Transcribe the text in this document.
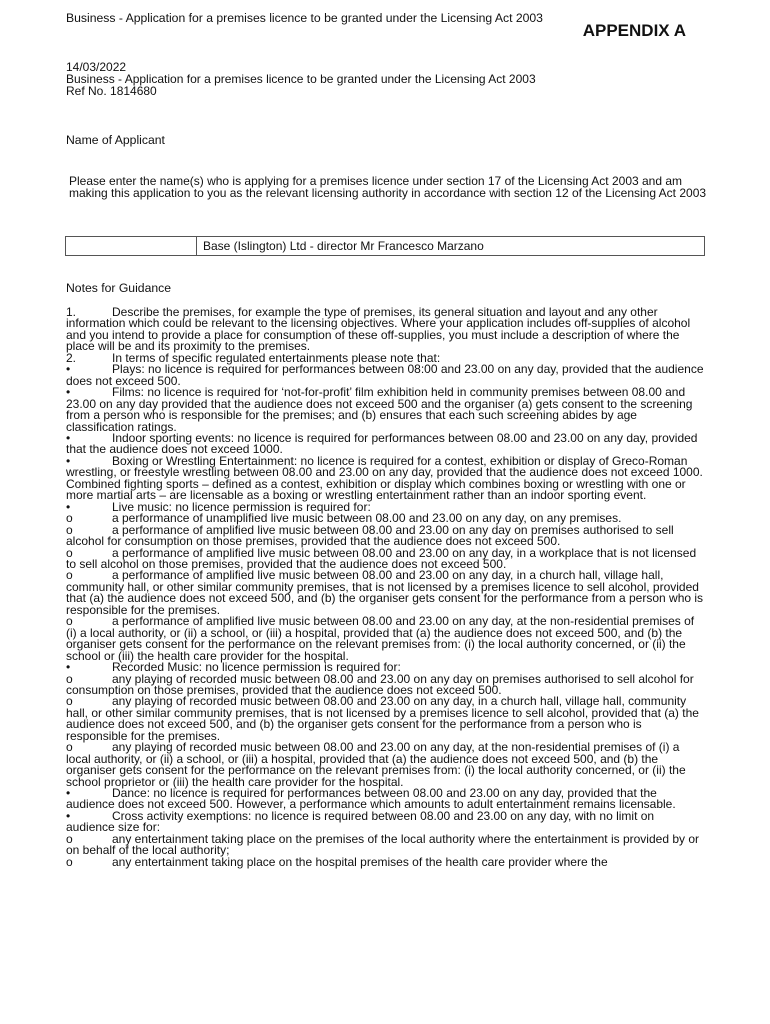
Business - Application for a premises licence to be granted under the Licensing Act 2003
APPENDIX A
14/03/2022
Business - Application for a premises licence to be granted under the Licensing Act 2003
Ref No. 1814680
Name of Applicant
Please enter the name(s) who is applying for a premises licence under section 17 of the Licensing Act 2003 and am making this application to you as the relevant licensing authority in accordance with section 12 of the Licensing Act 2003
Base (Islington) Ltd - director Mr Francesco Marzano
Notes for Guidance
1.	Describe the premises, for example the type of premises, its general situation and layout and any other information which could be relevant to the licensing objectives. Where your application includes off-supplies of alcohol and you intend to provide a place for consumption of these off-supplies, you must include a description of where the place will be and its proximity to the premises.
2.	In terms of specific regulated entertainments please note that:
•	Plays: no licence is required for performances between 08:00 and 23.00 on any day, provided that the audience does not exceed 500.
•	Films: no licence is required for ‘not-for-profit’ film exhibition held in community premises between 08.00 and 23.00 on any day provided that the audience does not exceed 500 and the organiser (a) gets consent to the screening from a person who is responsible for the premises; and (b) ensures that each such screening abides by age classification ratings.
•	Indoor sporting events: no licence is required for performances between 08.00 and 23.00 on any day, provided that the audience does not exceed 1000.
•	Boxing or Wrestling Entertainment: no licence is required for a contest, exhibition or display of Greco-Roman wrestling, or freestyle wrestling between 08.00 and 23.00 on any day, provided that the audience does not exceed 1000. Combined fighting sports – defined as a contest, exhibition or display which combines boxing or wrestling with one or more martial arts – are licensable as a boxing or wrestling entertainment rather than an indoor sporting event.
•	Live music: no licence permission is required for:
o	a performance of unamplified live music between 08.00 and 23.00 on any day, on any premises.
o	a performance of amplified live music between 08.00 and 23.00 on any day on premises authorised to sell alcohol for consumption on those premises, provided that the audience does not exceed 500.
o	a performance of amplified live music between 08.00 and 23.00 on any day, in a workplace that is not licensed to sell alcohol on those premises, provided that the audience does not exceed 500.
o	a performance of amplified live music between 08.00 and 23.00 on any day, in a church hall, village hall, community hall, or other similar community premises, that is not licensed by a premises licence to sell alcohol, provided that (a) the audience does not exceed 500, and (b) the organiser gets consent for the performance from a person who is responsible for the premises.
o	a performance of amplified live music between 08.00 and 23.00 on any day, at the non-residential premises of (i) a local authority, or (ii) a school, or (iii) a hospital, provided that (a) the audience does not exceed 500, and (b) the organiser gets consent for the performance on the relevant premises from: (i) the local authority concerned, or (ii) the school or (iii) the health care provider for the hospital.
•	Recorded Music: no licence permission is required for:
o	any playing of recorded music between 08.00 and 23.00 on any day on premises authorised to sell alcohol for consumption on those premises, provided that the audience does not exceed 500.
o	any playing of recorded music between 08.00 and 23.00 on any day, in a church hall, village hall, community hall, or other similar community premises, that is not licensed by a premises licence to sell alcohol, provided that (a) the audience does not exceed 500, and (b) the organiser gets consent for the performance from a person who is responsible for the premises.
o	any playing of recorded music between 08.00 and 23.00 on any day, at the non-residential premises of (i) a local authority, or (ii) a school, or (iii) a hospital, provided that (a) the audience does not exceed 500, and (b) the organiser gets consent for the performance on the relevant premises from: (i) the local authority concerned, or (ii) the school proprietor or (iii) the health care provider for the hospital.
•	Dance: no licence is required for performances between 08.00 and 23.00 on any day, provided that the audience does not exceed 500. However, a performance which amounts to adult entertainment remains licensable.
•	Cross activity exemptions: no licence is required between 08.00 and 23.00 on any day, with no limit on audience size for:
o	any entertainment taking place on the premises of the local authority where the entertainment is provided by or on behalf of the local authority;
o	any entertainment taking place on the hospital premises of the health care provider where the
